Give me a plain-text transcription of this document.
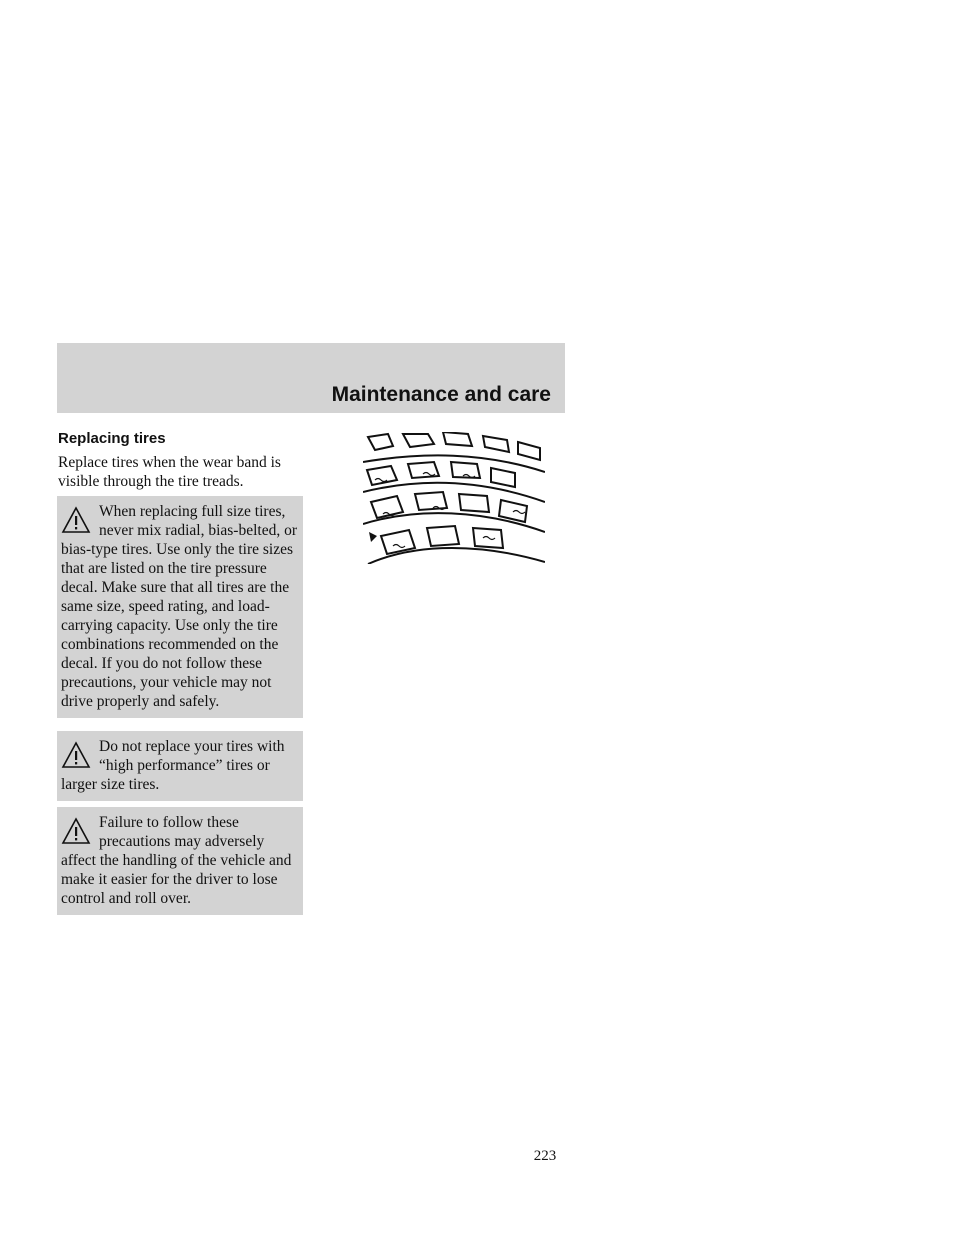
Maintenance and care
Replacing tires
Replace tires when the wear band is visible through the tire treads.
When replacing full size tires, never mix radial, bias-belted, or bias-type tires. Use only the tire sizes that are listed on the tire pressure decal. Make sure that all tires are the same size, speed rating, and load-carrying capacity. Use only the tire combinations recommended on the decal. If you do not follow these precautions, your vehicle may not drive properly and safely.
Do not replace your tires with “high performance” tires or larger size tires.
Failure to follow these precautions may adversely affect the handling of the vehicle and make it easier for the driver to lose control and roll over.
223
